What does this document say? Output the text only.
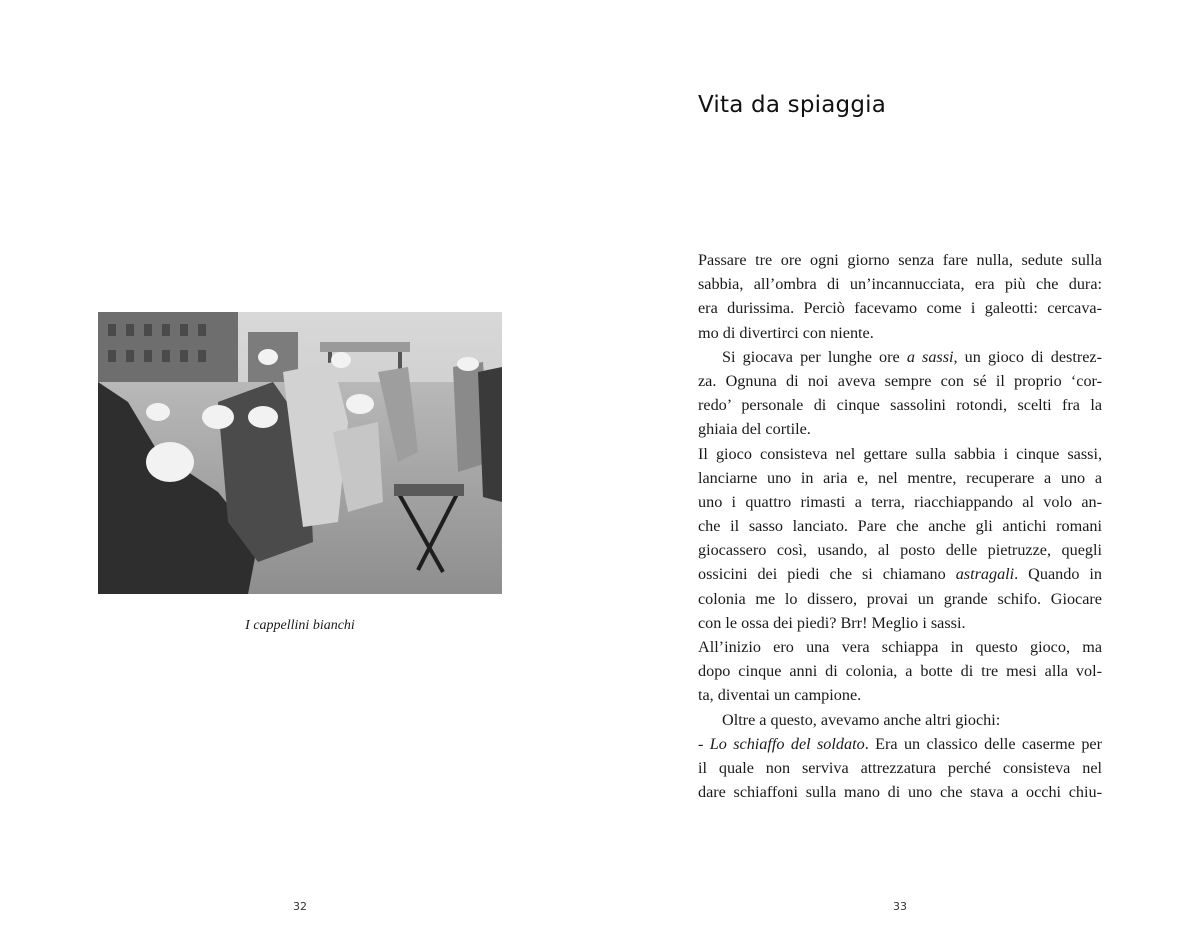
I cappellini bianchi
32
Vita da spiaggia
Passare tre ore ogni giorno senza fare nulla, sedute sulla
sabbia, all’ombra di un’incannucciata, era più che dura:
era durissima. Perciò facevamo come i galeotti: cercava-
mo di divertirci con niente.
Si giocava per lunghe ore a sassi, un gioco di destrez-
za. Ognuna di noi aveva sempre con sé il proprio ‘cor-
redo’ personale di cinque sassolini rotondi, scelti fra la
ghiaia del cortile.
Il gioco consisteva nel gettare sulla sabbia i cinque sassi,
lanciarne uno in aria e, nel mentre, recuperare a uno a
uno i quattro rimasti a terra, riacchiappando al volo an-
che il sasso lanciato. Pare che anche gli antichi romani
giocassero così, usando, al posto delle pietruzze, quegli
ossicini dei piedi che si chiamano astragali. Quando in
colonia me lo dissero, provai un grande schifo. Giocare
con le ossa dei piedi? Brr! Meglio i sassi.
All’inizio ero una vera schiappa in questo gioco, ma
dopo cinque anni di colonia, a botte di tre mesi alla vol-
ta, diventai un campione.
Oltre a questo, avevamo anche altri giochi:
- Lo schiaffo del soldato. Era un classico delle caserme per
il quale non serviva attrezzatura perché consisteva nel
dare schiaffoni sulla mano di uno che stava a occhi chiu-
33
